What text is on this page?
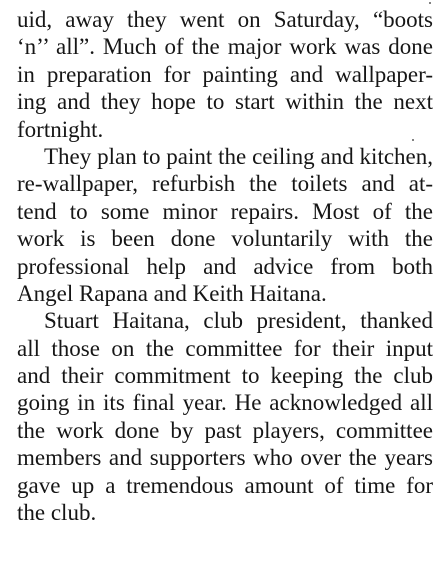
uid, away they went on Saturday, “boots
‘n’’ all”. Much of the major work was done
in preparation for painting and wallpaper-
ing and they hope to start within the next
fortnight.
They plan to paint the ceiling and kitchen,
re-wallpaper, refurbish the toilets and at-
tend to some minor repairs. Most of the
work is been done voluntarily with the
professional help and advice from both
Angel Rapana and Keith Haitana.
Stuart Haitana, club president, thanked
all those on the committee for their input
and their commitment to keeping the club
going in its final year. He acknowledged all
the work done by past players, committee
members and supporters who over the years
gave up a tremendous amount of time for
the club.
